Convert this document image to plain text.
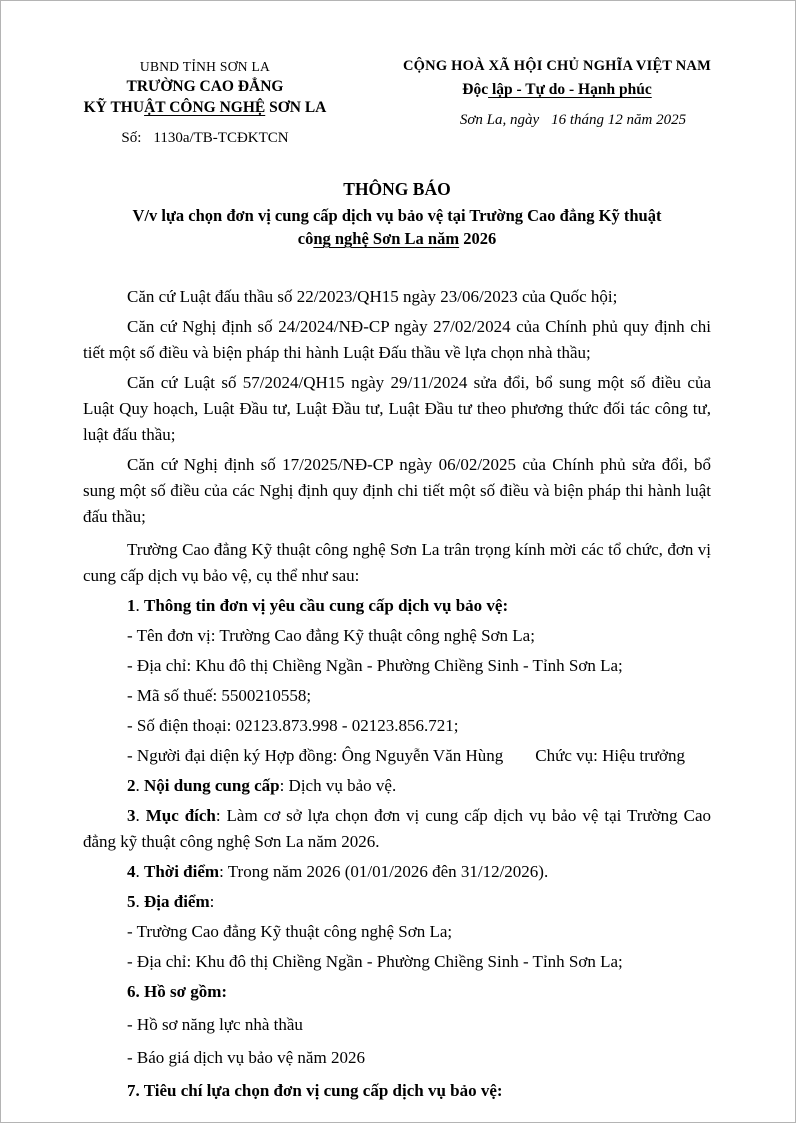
UBND TỈNH SƠN LA
TRƯỜNG CAO ĐẲNG
KỸ THUẬT CÔNG NGHỆ SƠN LA
Số: 1130a/TB-TCĐKTCN
CỘNG HOÀ XÃ HỘI CHỦ NGHĨA VIỆT NAM
Độc lập - Tự do - Hạnh phúc
Sơn La, ngày 16 tháng 12 năm 2025
THÔNG BÁO
V/v lựa chọn đơn vị cung cấp dịch vụ bảo vệ tại Trường Cao đẳng Kỹ thuật
công nghệ Sơn La năm 2026

Căn cứ Luật đấu thầu số 22/2023/QH15 ngày 23/06/2023 của Quốc hội;

Căn cứ Nghị định số 24/2024/NĐ-CP ngày 27/02/2024 của Chính phủ quy định chi tiết một số điều và biện pháp thi hành Luật Đấu thầu về lựa chọn nhà thầu;

Căn cứ Luật số 57/2024/QH15 ngày 29/11/2024 sửa đổi, bổ sung một số điều của Luật Quy hoạch, Luật Đầu tư, Luật Đầu tư, Luật Đầu tư theo phương thức đối tác công tư, luật đấu thầu;

Căn cứ Nghị định số 17/2025/NĐ-CP ngày 06/02/2025 của Chính phủ sửa đổi, bổ sung một số điều của các Nghị định quy định chi tiết một số điều và biện pháp thi hành luật đấu thầu;

Trường Cao đẳng Kỹ thuật công nghệ Sơn La trân trọng kính mời các tổ chức, đơn vị cung cấp dịch vụ bảo vệ, cụ thể như sau:

1. Thông tin đơn vị yêu cầu cung cấp dịch vụ bảo vệ:

- Tên đơn vị: Trường Cao đẳng Kỹ thuật công nghệ Sơn La;

- Địa chỉ: Khu đô thị Chiềng Ngần - Phường Chiềng Sinh - Tỉnh Sơn La;

- Mã số thuế: 5500210558;

- Số điện thoại: 02123.873.998 - 02123.856.721;

- Người đại diện ký Hợp đồng: Ông Nguyễn Văn Hùng Chức vụ: Hiệu trưởng

2. Nội dung cung cấp: Dịch vụ bảo vệ.

3. Mục đích: Làm cơ sở lựa chọn đơn vị cung cấp dịch vụ bảo vệ tại Trường Cao đẳng kỹ thuật công nghệ Sơn La năm 2026.

4. Thời điểm: Trong năm 2026 (01/01/2026 đên 31/12/2026).

5. Địa điểm:

- Trường Cao đẳng Kỹ thuật công nghệ Sơn La;

- Địa chỉ: Khu đô thị Chiềng Ngần - Phường Chiềng Sinh - Tỉnh Sơn La;

6. Hồ sơ gồm:

- Hồ sơ năng lực nhà thầu

- Báo giá dịch vụ bảo vệ năm 2026

7. Tiêu chí lựa chọn đơn vị cung cấp dịch vụ bảo vệ:
